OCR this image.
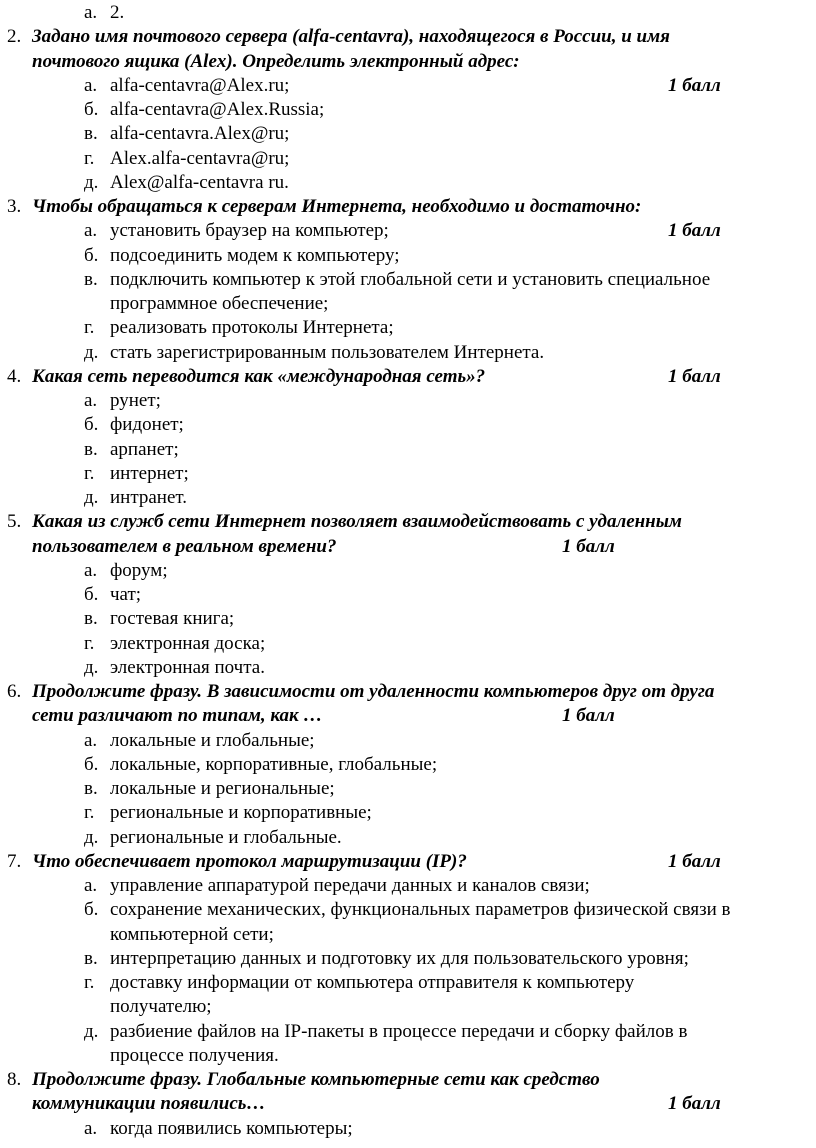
а. 2.
2. Задано имя почтового сервера (alfa-centavra), находящегося в России, и имя
почтового ящика (Alex). Определить электронный адрес:
а. alfa-centavra@Alex.ru;	1 балл
б. alfa-centavra@Alex.Russia;
в. alfa-centavra.Alex@ru;
г. Alex.alfa-centavra@ru;
д. Alex@alfa-centavra ru.
3. Чтобы обращаться к серверам Интернета, необходимо и достаточно:
а. установить браузер на компьютер;	1 балл
б. подсоединить модем к компьютеру;
в. подключить компьютер к этой глобальной сети и установить специальное
программное обеспечение;
г. реализовать протоколы Интернета;
д. стать зарегистрированным пользователем Интернета.
4. Какая сеть переводится как «международная сеть»?	1 балл
а. рунет;
б. фидонет;
в. арпанет;
г. интернет;
д. интранет.
5. Какая из служб сети Интернет позволяет взаимодействовать с удаленным
пользователем в реальном времени?	1 балл
а. форум;
б. чат;
в. гостевая книга;
г. электронная доска;
д. электронная почта.
6. Продолжите фразу. В зависимости от удаленности компьютеров друг от друга
сети различают по типам, как …	1 балл
а. локальные и глобальные;
б. локальные, корпоративные, глобальные;
в. локальные и региональные;
г. региональные и корпоративные;
д. региональные и глобальные.
7. Что обеспечивает протокол маршрутизации (IP)?	1 балл
а. управление аппаратурой передачи данных и каналов связи;
б. сохранение механических, функциональных параметров физической связи в
компьютерной сети;
в. интерпретацию данных и подготовку их для пользовательского уровня;
г. доставку информации от компьютера отправителя к компьютеру
получателю;
д. разбиение файлов на IP-пакеты в процессе передачи и сборку файлов в
процессе получения.
8. Продолжите фразу. Глобальные компьютерные сети как средство
коммуникации появились…	1 балл
а. когда появились компьютеры;
